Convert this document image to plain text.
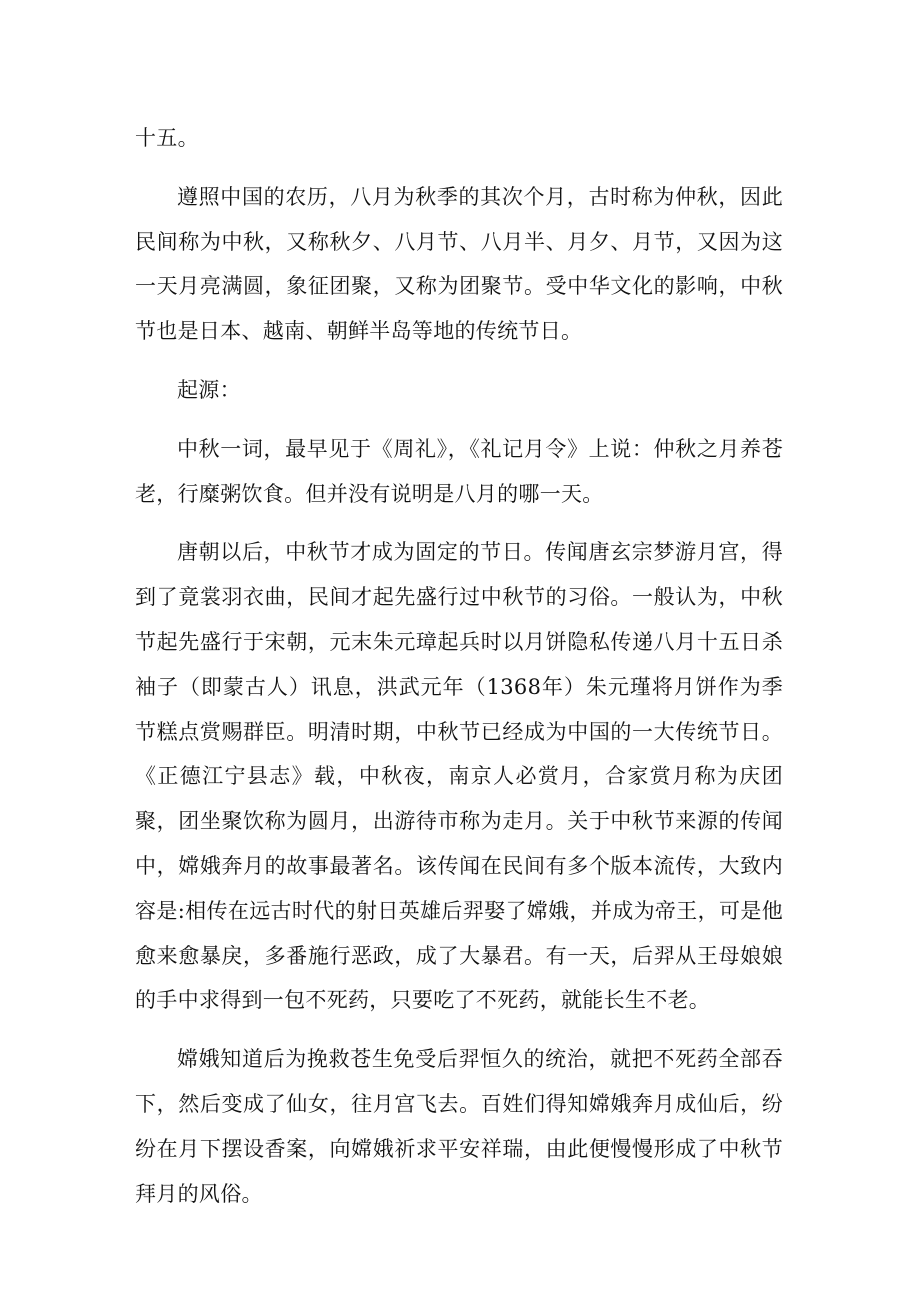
十五。

遵照中国的农历，八月为秋季的其次个月，古时称为仲秋，因此民间称为中秋，又称秋夕、八月节、八月半、月夕、月节，又因为这一天月亮满圆，象征团聚，又称为团聚节。受中华文化的影响，中秋节也是日本、越南、朝鲜半岛等地的传统节日。

起源：

中秋一词，最早见于《周礼》，《礼记月令》上说：仲秋之月养苍老，行糜粥饮食。但并没有说明是八月的哪一天。

唐朝以后，中秋节才成为固定的节日。传闻唐玄宗梦游月宫，得到了竟裳羽衣曲，民间才起先盛行过中秋节的习俗。一般认为，中秋节起先盛行于宋朝，元末朱元璋起兵时以月饼隐私传递八月十五日杀袖子（即蒙古人）讯息，洪武元年（1368年）朱元瑾将月饼作为季节糕点赏赐群臣。明清时期，中秋节已经成为中国的一大传统节日。《正德江宁县志》载，中秋夜，南京人必赏月，合家赏月称为庆团聚，团坐聚饮称为圆月，出游待市称为走月。关于中秋节来源的传闻中，嫦娥奔月的故事最著名。该传闻在民间有多个版本流传，大致内容是:相传在远古时代的射日英雄后羿娶了嫦娥，并成为帝王，可是他愈来愈暴戾，多番施行恶政，成了大暴君。有一天，后羿从王母娘娘的手中求得到一包不死药，只要吃了不死药，就能长生不老。

嫦娥知道后为挽救苍生免受后羿恒久的统治，就把不死药全部吞下，然后变成了仙女，往月宫飞去。百姓们得知嫦娥奔月成仙后，纷纷在月下摆设香案，向嫦娥祈求平安祥瑞，由此便慢慢形成了中秋节拜月的风俗。
